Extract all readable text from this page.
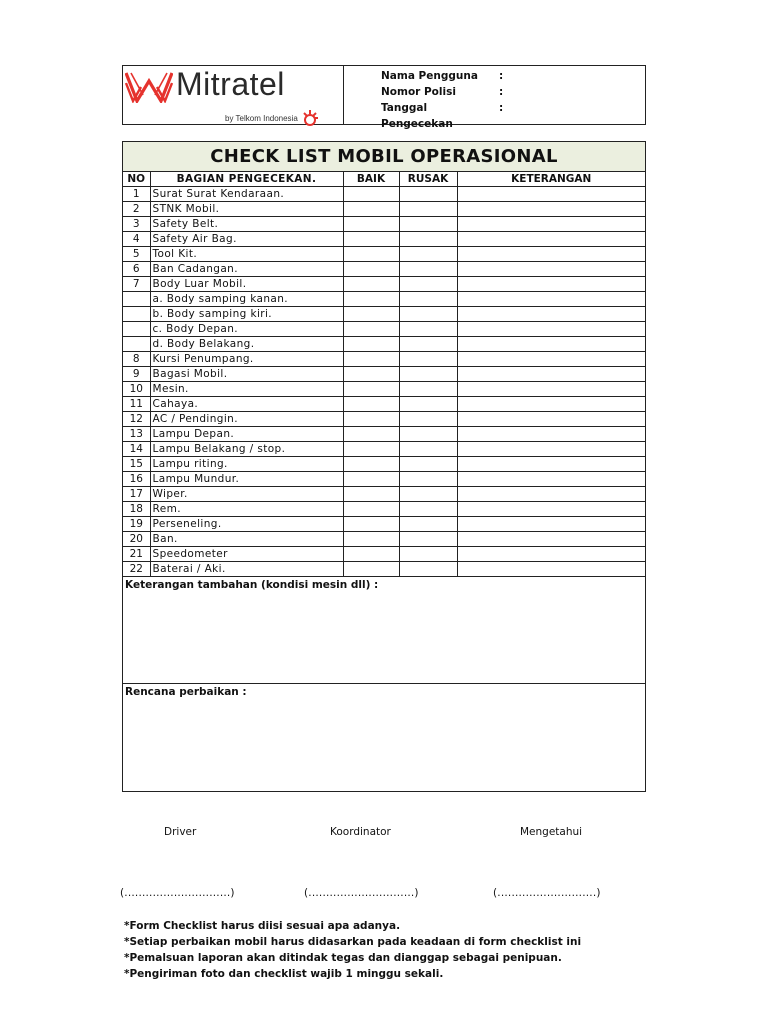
Mitratel
by Telkom Indonesia
Nama Pengguna	:
Nomor Polisi	:
Tanggal Pengecekan
:
CHECK LIST MOBIL OPERASIONAL
NO	BAGIAN PENGECEKAN.	BAIK	RUSAK	KETERANGAN
1	Surat Surat Kendaraan.			
2	STNK Mobil.			
3	Safety Belt.			
4	Safety Air Bag.			
5	Tool Kit.			
6	Ban Cadangan.			
7	Body Luar Mobil.			
	a. Body samping kanan.			
	b. Body samping kiri.			
	c. Body Depan.			
	d. Body Belakang.			
8	Kursi Penumpang.			
9	Bagasi Mobil.			
10	Mesin.			
11	Cahaya.			
12	AC / Pendingin.			
13	Lampu Depan.			
14	Lampu Belakang / stop.			
15	Lampu riting.			
16	Lampu Mundur.			
17	Wiper.			
18	Rem.			
19	Perseneling.			
20	Ban.			
21	Speedometer			
22	Baterai / Aki.			
Keterangan tambahan (kondisi mesin dll) :
Rencana perbaikan :
Driver	Koordinator	Mengetahui
(..............................)	(..............................)	(............................)
*Form Checklist harus diisi sesuai apa adanya.
*Setiap perbaikan mobil harus didasarkan pada keadaan di form checklist ini
*Pemalsuan laporan akan ditindak tegas dan dianggap sebagai penipuan.
*Pengiriman foto dan checklist wajib 1 minggu sekali.
